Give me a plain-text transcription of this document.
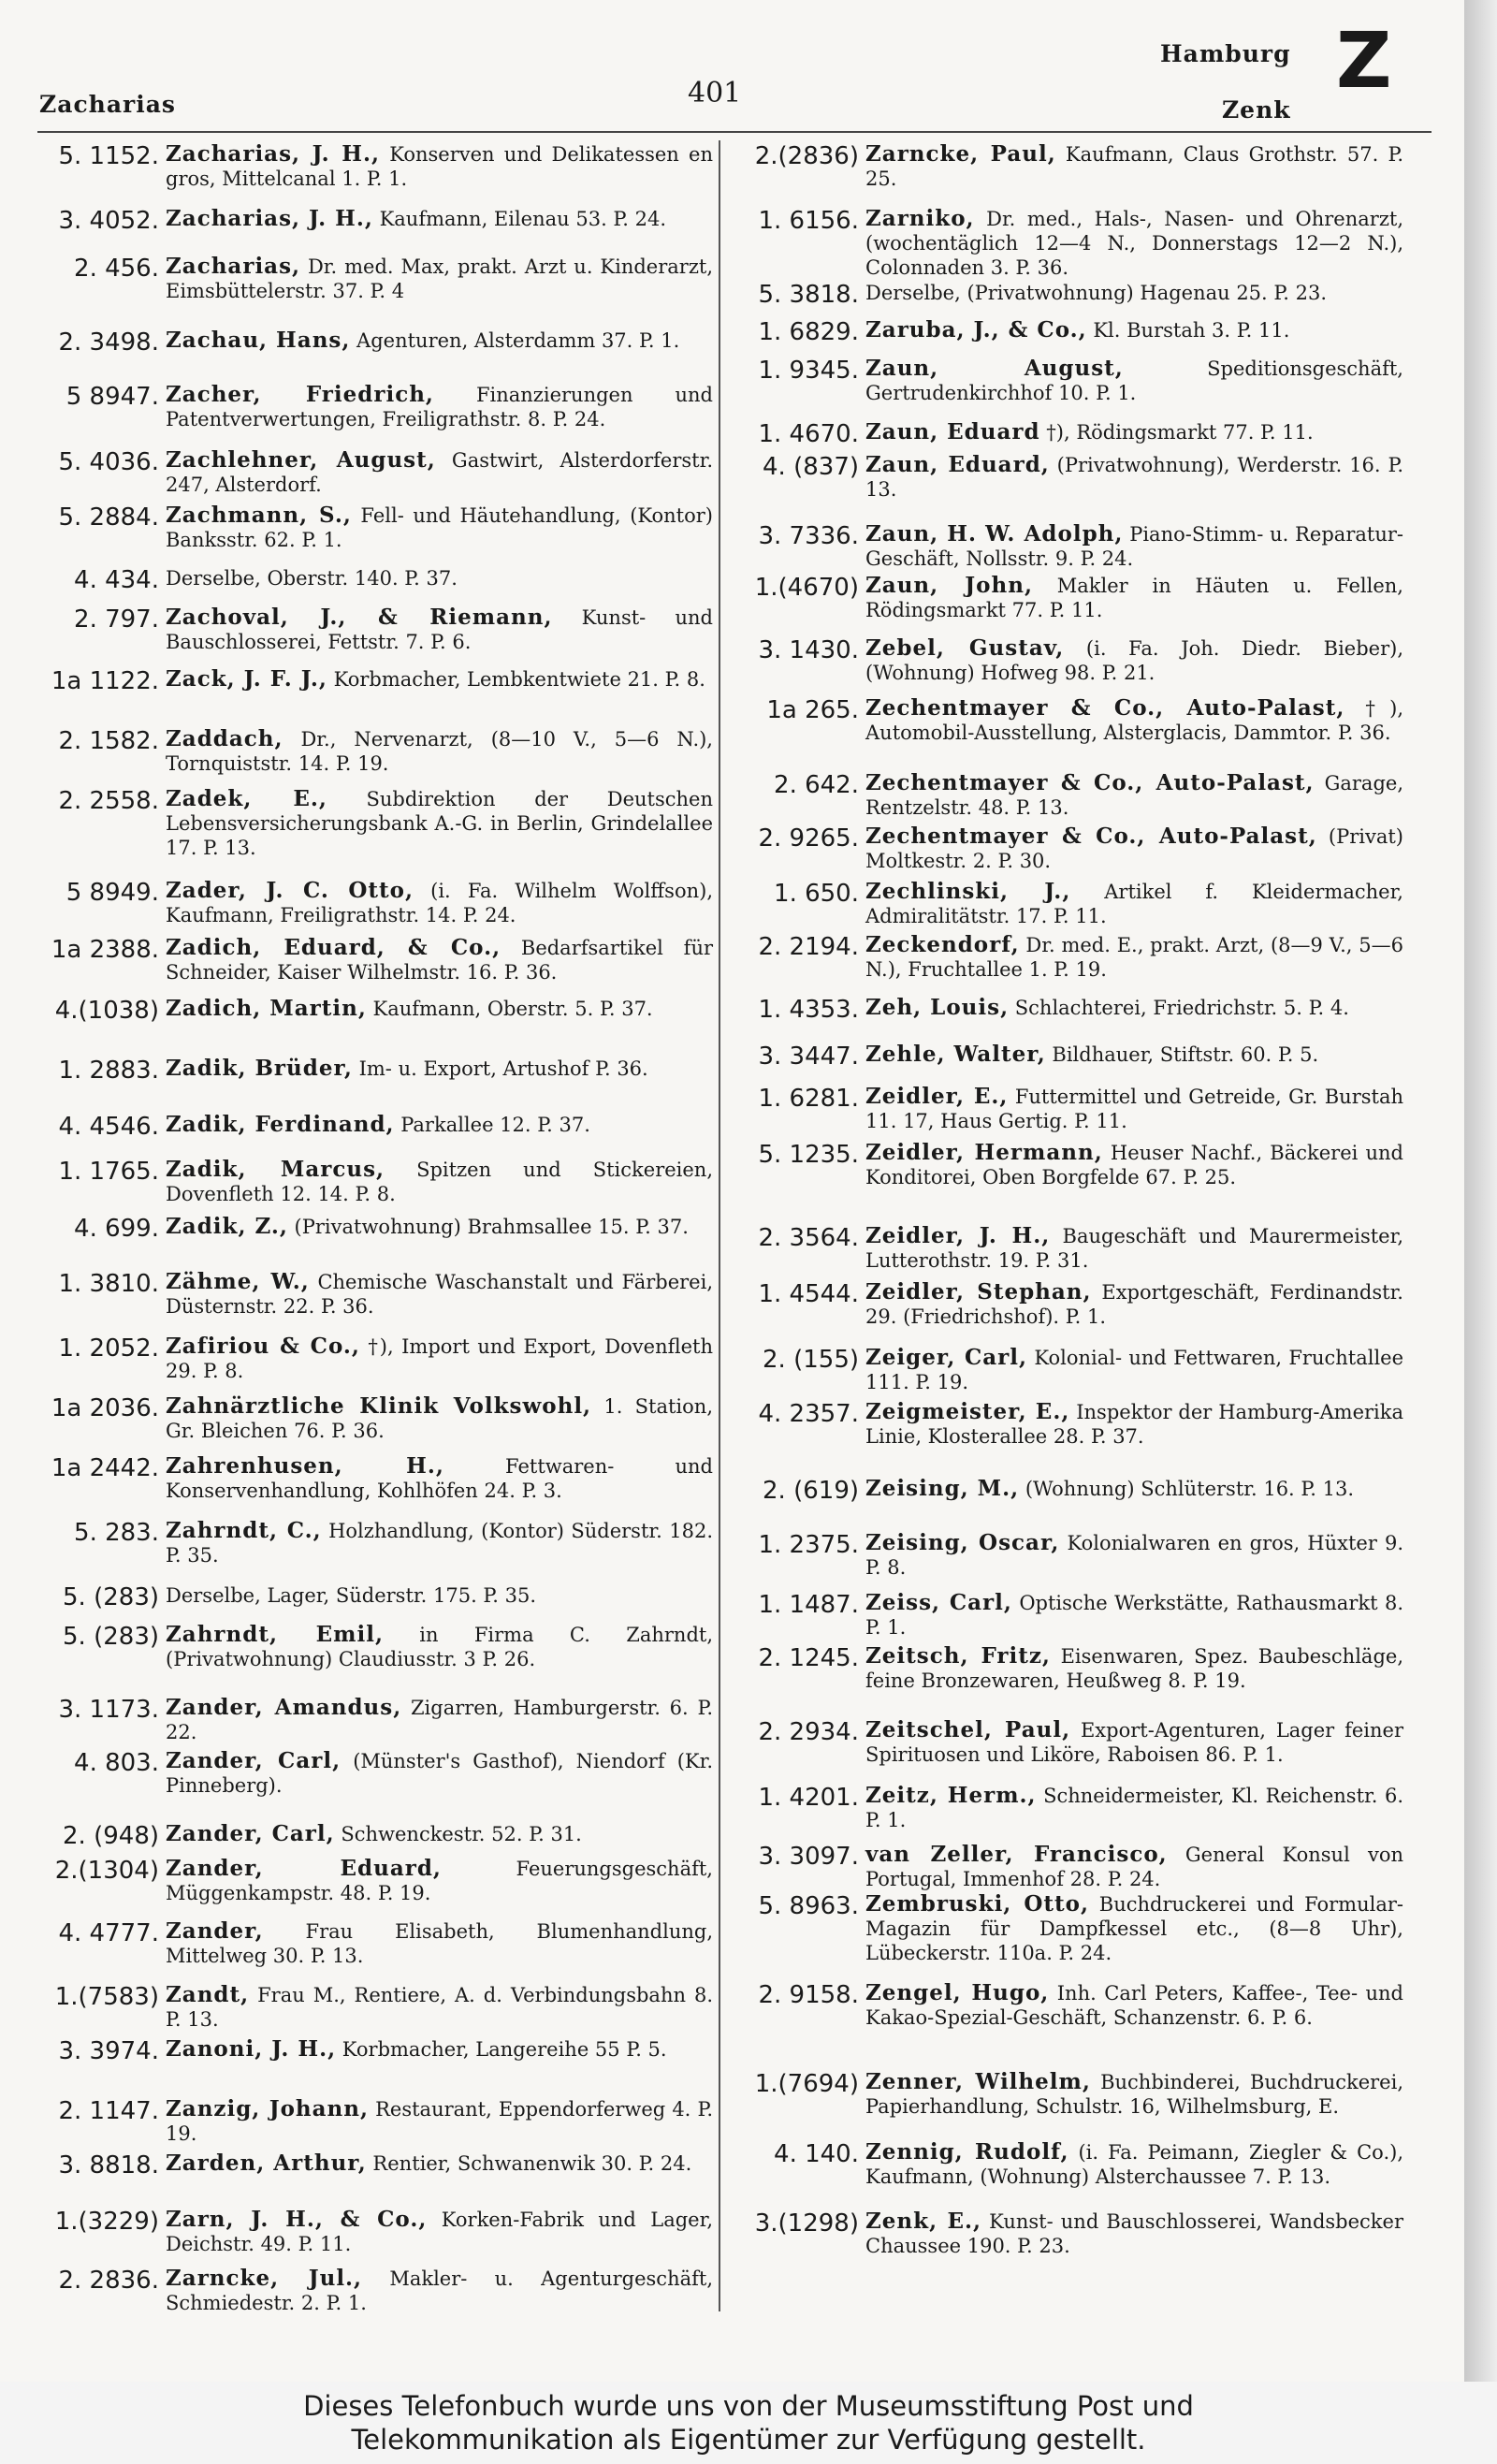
Zacharias	401
Hamburg
Zenk
Z
5. 1152. Zacharias, J. H., Konserven und Delikatessen en gros, Mittelcanal 1. P. 1.
3. 4052. Zacharias, J. H., Kaufmann, Eilenau 53. P. 24.
2. 456. Zacharias, Dr. med. Max, prakt. Arzt u. Kinderarzt, Eimsbüttelerstr. 37. P. 4
2. 3498. Zachau, Hans, Agenturen, Alsterdamm 37. P. 1.
5 8947. Zacher, Friedrich, Finanzierungen und Patentverwertungen, Freiligrathstr. 8. P. 24.
5. 4036. Zachlehner, August, Gastwirt, Alsterdorferstr. 247, Alsterdorf.
5. 2884. Zachmann, S., Fell- und Häutehandlung, (Kontor) Banksstr. 62. P. 1.
4. 434. Derselbe, Oberstr. 140. P. 37.
2. 797. Zachoval, J., & Riemann, Kunst- und Bauschlosserei, Fettstr. 7. P. 6.
1a 1122. Zack, J. F. J., Korbmacher, Lembkentwiete 21. P. 8.
2. 1582. Zaddach, Dr., Nervenarzt, (8—10 V., 5—6 N.), Tornquiststr. 14. P. 19.
2. 2558. Zadek, E., Subdirektion der Deutschen Lebensversicherungsbank A.-G. in Berlin, Grindelallee 17. P. 13.
5 8949. Zader, J. C. Otto, (i. Fa. Wilhelm Wolffson), Kaufmann, Freiligrathstr. 14. P. 24.
1a 2388. Zadich, Eduard, & Co., Bedarfsartikel für Schneider, Kaiser Wilhelmstr. 16. P. 36.
4.(1038) Zadich, Martin, Kaufmann, Oberstr. 5. P. 37.
1. 2883. Zadik, Brüder, Im- u. Export, Artushof P. 36.
4. 4546. Zadik, Ferdinand, Parkallee 12. P. 37.
1. 1765. Zadik, Marcus, Spitzen und Stickereien, Dovenfleth 12. 14. P. 8.
4. 699. Zadik, Z., (Privatwohnung) Brahmsallee 15. P. 37.
1. 3810. Zähme, W., Chemische Waschanstalt und Färberei, Düsternstr. 22. P. 36.
1. 2052. Zafiriou & Co., †), Import und Export, Dovenfleth 29. P. 8.
1a 2036. Zahnärztliche Klinik Volkswohl, 1. Station, Gr. Bleichen 76. P. 36.
1a 2442. Zahrenhusen, H., Fettwaren- und Konservenhandlung, Kohlhöfen 24. P. 3.
5. 283. Zahrndt, C., Holzhandlung, (Kontor) Süderstr. 182. P. 35.
5. (283) Derselbe, Lager, Süderstr. 175. P. 35.
5. (283) Zahrndt, Emil, in Firma C. Zahrndt, (Privatwohnung) Claudiusstr. 3 P. 26.
3. 1173. Zander, Amandus, Zigarren, Hamburgerstr. 6. P. 22.
4. 803. Zander, Carl, (Münster's Gasthof), Niendorf (Kr. Pinneberg).
2. (948) Zander, Carl, Schwenckestr. 52. P. 31.
2.(1304) Zander, Eduard, Feuerungsgeschäft, Müggenkampstr. 48. P. 19.
4. 4777. Zander, Frau Elisabeth, Blumenhandlung, Mittelweg 30. P. 13.
1.(7583) Zandt, Frau M., Rentiere, A. d. Verbindungsbahn 8. P. 13.
3. 3974. Zanoni, J. H., Korbmacher, Langereihe 55 P. 5.
2. 1147. Zanzig, Johann, Restaurant, Eppendorferweg 4. P. 19.
3. 8818. Zarden, Arthur, Rentier, Schwanenwik 30. P. 24.
1.(3229) Zarn, J. H., & Co., Korken-Fabrik und Lager, Deichstr. 49. P. 11.
2. 2836. Zarncke, Jul., Makler- u. Agenturgeschäft, Schmiedestr. 2. P. 1.
2.(2836) Zarncke, Paul, Kaufmann, Claus Grothstr. 57. P. 25.
1. 6156. Zarniko, Dr. med., Hals-, Nasen- und Ohrenarzt, (wochentäglich 12—4 N., Donnerstags 12—2 N.), Colonnaden 3. P. 36.
5. 3818. Derselbe, (Privatwohnung) Hagenau 25. P. 23.
1. 6829. Zaruba, J., & Co., Kl. Burstah 3. P. 11.
1. 9345. Zaun, August, Speditionsgeschäft, Gertrudenkirchhof 10. P. 1.
1. 4670. Zaun, Eduard †), Rödingsmarkt 77. P. 11.
4. (837) Zaun, Eduard, (Privatwohnung), Werderstr. 16. P. 13.
3. 7336. Zaun, H. W. Adolph, Piano-Stimm- u. Reparatur-Geschäft, Nollsstr. 9. P. 24.
1.(4670) Zaun, John, Makler in Häuten u. Fellen, Rödingsmarkt 77. P. 11.
3. 1430. Zebel, Gustav, (i. Fa. Joh. Diedr. Bieber), (Wohnung) Hofweg 98. P. 21.
1a 265. Zechentmayer & Co., Auto-Palast, †), Automobil-Ausstellung, Alsterglacis, Dammtor. P. 36.
2. 642. Zechentmayer & Co., Auto-Palast, Garage, Rentzelstr. 48. P. 13.
2. 9265. Zechentmayer & Co., Auto-Palast, (Privat) Moltkestr. 2. P. 30.
1. 650. Zechlinski, J., Artikel f. Kleidermacher, Admiralitätstr. 17. P. 11.
2. 2194. Zeckendorf, Dr. med. E., prakt. Arzt, (8—9 V., 5—6 N.), Fruchtallee 1. P. 19.
1. 4353. Zeh, Louis, Schlachterei, Friedrichstr. 5. P. 4.
3. 3447. Zehle, Walter, Bildhauer, Stiftstr. 60. P. 5.
1. 6281. Zeidler, E., Futtermittel und Getreide, Gr. Burstah 11. 17, Haus Gertig. P. 11.
5. 1235. Zeidler, Hermann, Heuser Nachf., Bäckerei und Konditorei, Oben Borgfelde 67. P. 25.
2. 3564. Zeidler, J. H., Baugeschäft und Maurermeister, Lutterothstr. 19. P. 31.
1. 4544. Zeidler, Stephan, Exportgeschäft, Ferdinandstr. 29. (Friedrichshof). P. 1.
2. (155) Zeiger, Carl, Kolonial- und Fettwaren, Fruchtallee 111. P. 19.
4. 2357. Zeigmeister, E., Inspektor der Hamburg-Amerika Linie, Klosterallee 28. P. 37.
2. (619) Zeising, M., (Wohnung) Schlüterstr. 16. P. 13.
1. 2375. Zeising, Oscar, Kolonialwaren en gros, Hüxter 9. P. 8.
1. 1487. Zeiss, Carl, Optische Werkstätte, Rathausmarkt 8. P. 1.
2. 1245. Zeitsch, Fritz, Eisenwaren, Spez. Baubeschläge, feine Bronzewaren, Heußweg 8. P. 19.
2. 2934. Zeitschel, Paul, Export-Agenturen, Lager feiner Spirituosen und Liköre, Raboisen 86. P. 1.
1. 4201. Zeitz, Herm., Schneidermeister, Kl. Reichenstr. 6. P. 1.
3. 3097. van Zeller, Francisco, General Konsul von Portugal, Immenhof 28. P. 24.
5. 8963. Zembruski, Otto, Buchdruckerei und Formular-Magazin für Dampfkessel etc., (8—8 Uhr), Lübeckerstr. 110a. P. 24.
2. 9158. Zengel, Hugo, Inh. Carl Peters, Kaffee-, Tee- und Kakao-Spezial-Geschäft, Schanzenstr. 6. P. 6.
1.(7694) Zenner, Wilhelm, Buchbinderei, Buchdruckerei, Papierhandlung, Schulstr. 16, Wilhelmsburg, E.
4. 140. Zennig, Rudolf, (i. Fa. Peimann, Ziegler & Co.), Kaufmann, (Wohnung) Alsterchaussee 7. P. 13.
3.(1298) Zenk, E., Kunst- und Bauschlosserei, Wandsbecker Chaussee 190. P. 23.
Dieses Telefonbuch wurde uns von der Museumsstiftung Post und
Telekommunikation als Eigentümer zur Verfügung gestellt.
